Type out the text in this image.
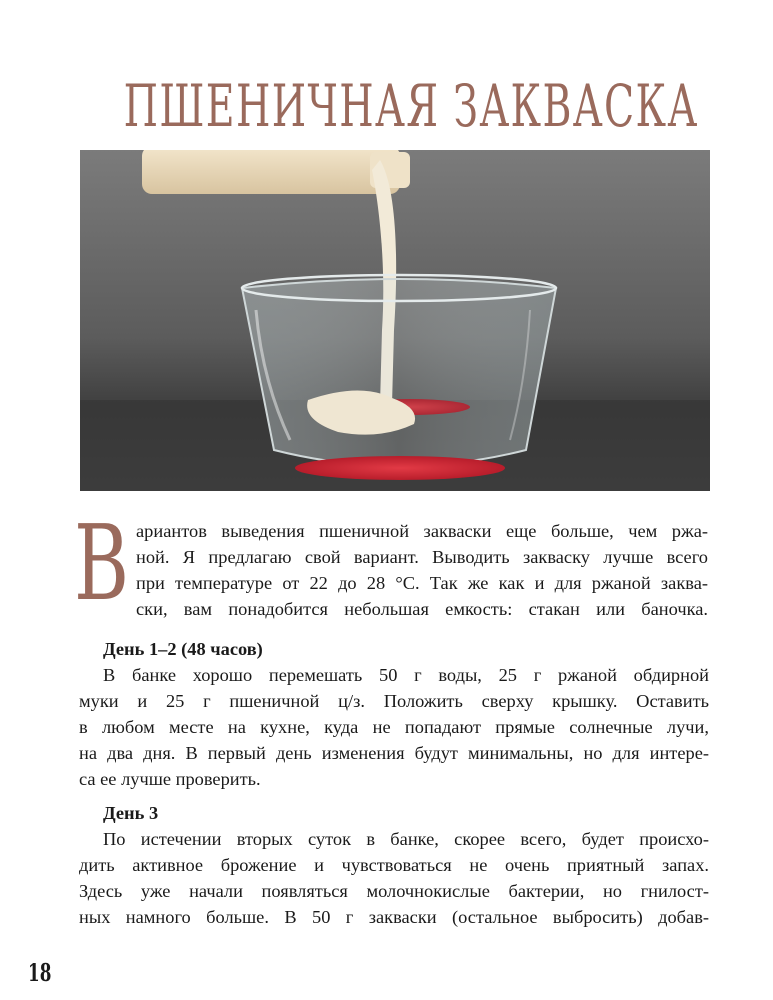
ПШЕНИЧНАЯ ЗАКВАСКА
В ариантов выведения пшеничной закваски еще больше, чем ржа-
ной. Я предлагаю свой вариант. Выводить закваску лучше всего
при температуре от 22 до 28 °С. Так же как и для ржаной заква-
ски, вам понадобится небольшая емкость: стакан или баночка.
День 1–2 (48 часов)
В банке хорошо перемешать 50 г воды, 25 г ржаной обдирной
муки и 25 г пшеничной ц/з. Положить сверху крышку. Оставить
в любом месте на кухне, куда не попадают прямые солнечные лучи,
на два дня. В первый день изменения будут минимальны, но для интере-
са ее лучше проверить.
День 3
По истечении вторых суток в банке, скорее всего, будет происхо-
дить активное брожение и чувствоваться не очень приятный запах.
Здесь уже начали появляться молочнокислые бактерии, но гнилост-
ных намного больше. В 50 г закваски (остальное выбросить) добав-
18
